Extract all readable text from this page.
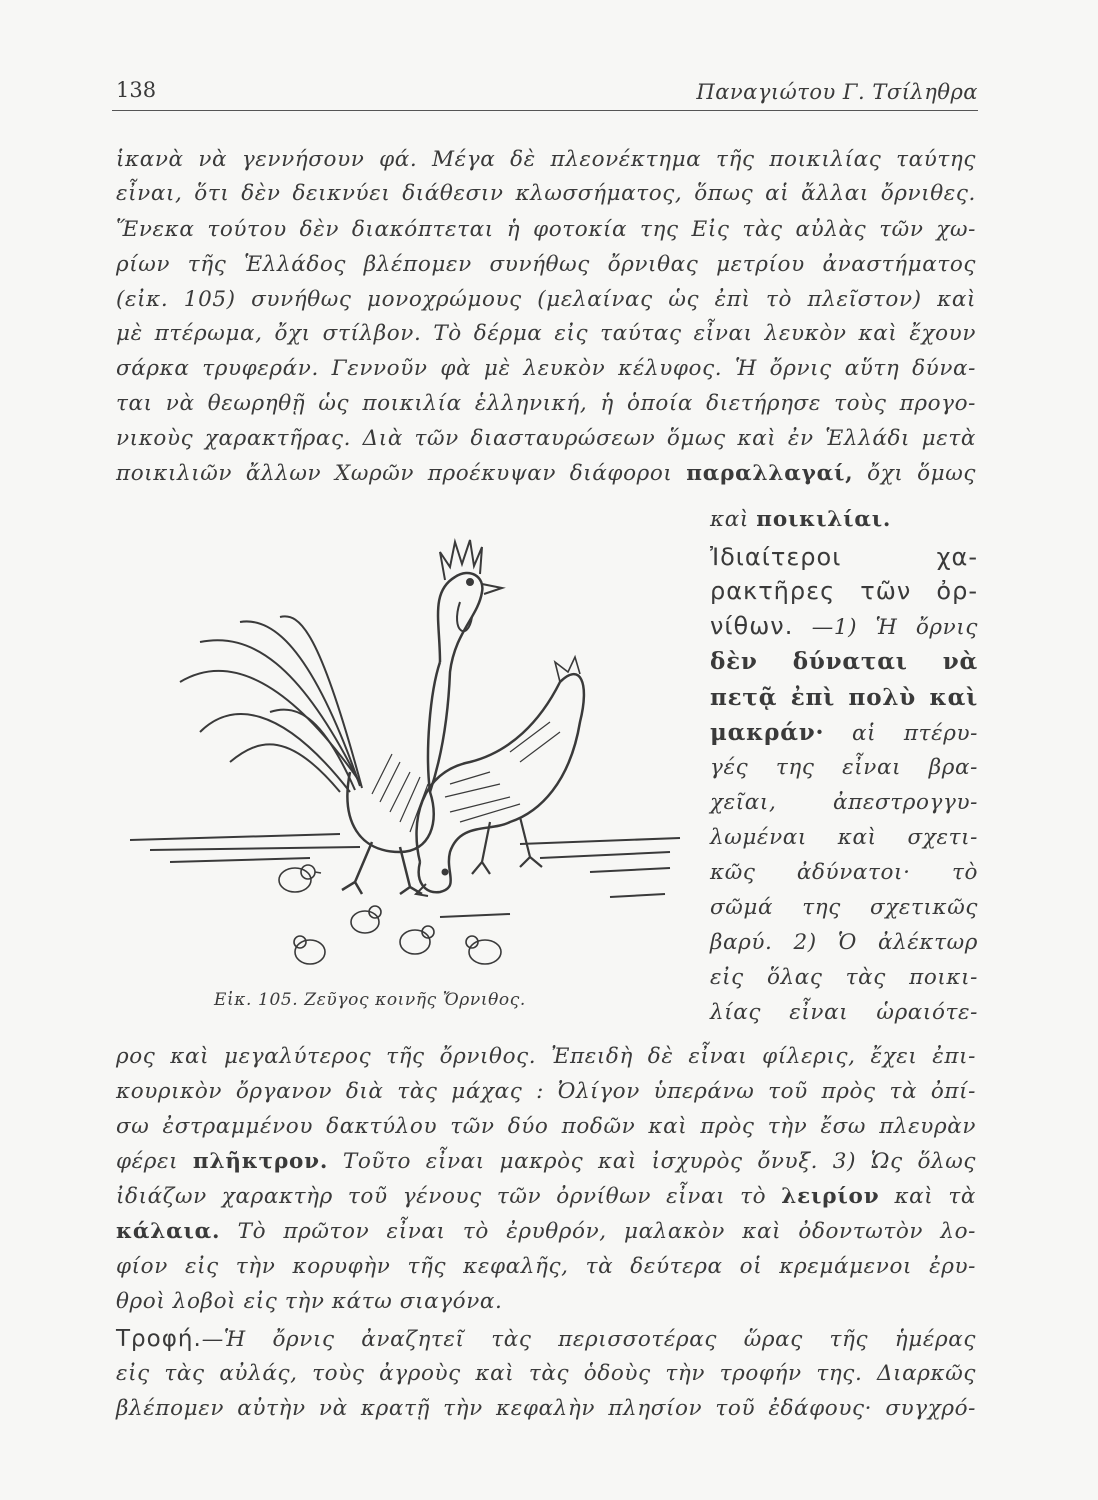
138	Παναγιώτου Γ. Τσίληθρα
ἱκανὰ νὰ γεννήσουν φά. Μέγα δὲ πλεονέκτημα τῆς ποικιλίας ταύτης
εἶναι, ὅτι δὲν δεικνύει διάθεσιν κλωσσήματος, ὅπως αἱ ἄλλαι ὄρνιθες.
Ἕνεκα τούτου δὲν διακόπτεται ἡ φοτοκία της Εἰς τὰς αὐλὰς τῶν χω-
ρίων τῆς Ἑλλάδος βλέπομεν συνήθως ὄρνιθας μετρίου ἀναστήματος
(εἰκ. 105) συνήθως μονοχρώμους (μελαίνας ὡς ἐπὶ τὸ πλεῖστον) καὶ
μὲ πτέρωμα, ὄχι στίλβον. Τὸ δέρμα εἰς ταύτας εἶναι λευκὸν καὶ ἔχουν
σάρκα τρυφεράν. Γεννοῦν φὰ μὲ λευκὸν κέλυφος. Ἡ ὄρνις αὕτη δύνα-
ται νὰ θεωρηθῇ ὡς ποικιλία ἑλληνική, ἡ ὁποία διετήρησε τοὺς προγο-
νικοὺς χαρακτῆρας. Διὰ τῶν διασταυρώσεων ὅμως καὶ ἐν Ἑλλάδι μετὰ
ποικιλιῶν ἄλλων Χωρῶν προέκυψαν διάφοροι παραλλαγαί, ὄχι ὅμως
καὶ ποικιλίαι.
Ἰδιαίτεροι χα-
ρακτῆρες τῶν ὀρ-
νίθων. —1) Ἡ ὄρνις
δὲν δύναται νὰ
πετᾷ ἐπὶ πολὺ καὶ
μακράν· αἱ πτέρυ-
γές της εἶναι βρα-
χεῖαι, ἀπεστρογγυ-
λωμέναι καὶ σχετι-
κῶς ἀδύνατοι· τὸ
σῶμά της σχετικῶς
βαρύ. 2) Ὁ ἀλέκτωρ
εἰς ὅλας τὰς ποικι-
λίας εἶναι ὡραιότε-
Εἰκ. 105. Ζεῦγος κοινῆς Ὄρνιθος.
ρος καὶ μεγαλύτερος τῆς ὄρνιθος. Ἐπειδὴ δὲ εἶναι φίλερις, ἔχει ἐπι-
κουρικὸν ὄργανον διὰ τὰς μάχας : Ὀλίγον ὑπεράνω τοῦ πρὸς τὰ ὀπί-
σω ἐστραμμένου δακτύλου τῶν δύο ποδῶν καὶ πρὸς τὴν ἔσω πλευρὰν
φέρει πλῆκτρον. Τοῦτο εἶναι μακρὸς καὶ ἰσχυρὸς ὄνυξ. 3) Ὡς ὅλως
ἰδιάζων χαρακτὴρ τοῦ γένους τῶν ὀρνίθων εἶναι τὸ λειρίον καὶ τὰ
κάλαια. Τὸ πρῶτον εἶναι τὸ ἐρυθρόν, μαλακὸν καὶ ὀδοντωτὸν λο-
φίον εἰς τὴν κορυφὴν τῆς κεφαλῆς, τὰ δεύτερα οἱ κρεμάμενοι ἐρυ-
θροὶ λοβοὶ εἰς τὴν κάτω σιαγόνα.
Τροφή.—Ἡ ὄρνις ἀναζητεῖ τὰς περισσοτέρας ὥρας τῆς ἡμέρας
εἰς τὰς αὐλάς, τοὺς ἀγροὺς καὶ τὰς ὁδοὺς τὴν τροφήν της. Διαρκῶς
βλέπομεν αὐτὴν νὰ κρατῇ τὴν κεφαλὴν πλησίον τοῦ ἐδάφους· συγχρό-
